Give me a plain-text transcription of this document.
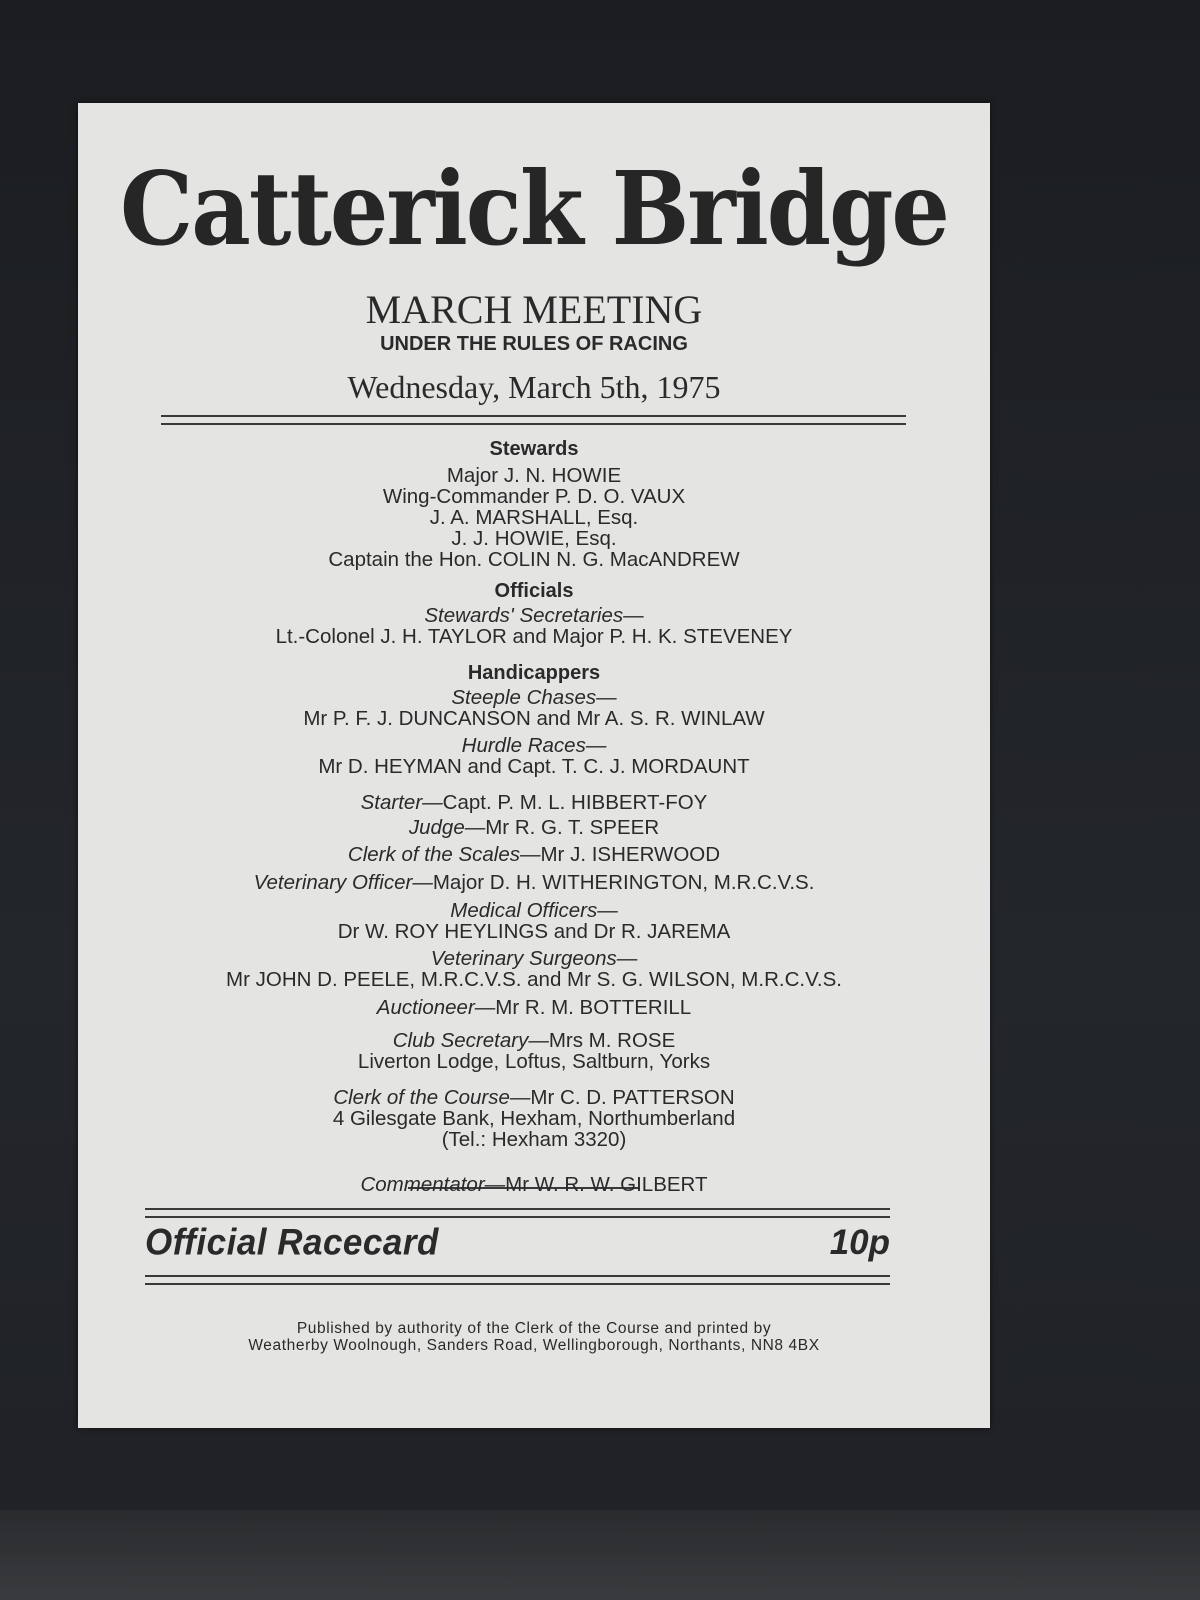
Catterick Bridge

MARCH MEETING

UNDER THE RULES OF RACING

Wednesday, March 5th, 1975

Stewards

Major J. N. HOWIE

Wing-Commander P. D. O. VAUX

J. A. MARSHALL, Esq.

J. J. HOWIE, Esq.

Captain the Hon. COLIN N. G. MacANDREW

Officials

Stewards' Secretaries—

Lt.-Colonel J. H. TAYLOR and Major P. H. K. STEVENEY

Handicappers

Steeple Chases—

Mr P. F. J. DUNCANSON and Mr A. S. R. WINLAW

Hurdle Races—

Mr D. HEYMAN and Capt. T. C. J. MORDAUNT

Starter—Capt. P. M. L. HIBBERT-FOY

Judge—Mr R. G. T. SPEER

Clerk of the Scales—Mr J. ISHERWOOD

Veterinary Officer—Major D. H. WITHERINGTON, M.R.C.V.S.

Medical Officers—

Dr W. ROY HEYLINGS and Dr R. JAREMA

Veterinary Surgeons—

Mr JOHN D. PEELE, M.R.C.V.S. and Mr S. G. WILSON, M.R.C.V.S.

Auctioneer—Mr R. M. BOTTERILL

Club Secretary—Mrs M. ROSE

Liverton Lodge, Loftus, Saltburn, Yorks

Clerk of the Course—Mr C. D. PATTERSON

4 Gilesgate Bank, Hexham, Northumberland

(Tel.: Hexham 3320)

Commentator—Mr W. R. W. GILBERT

Official Racecard	10p

Published by authority of the Clerk of the Course and printed by

Weatherby Woolnough, Sanders Road, Wellingborough, Northants, NN8 4BX
